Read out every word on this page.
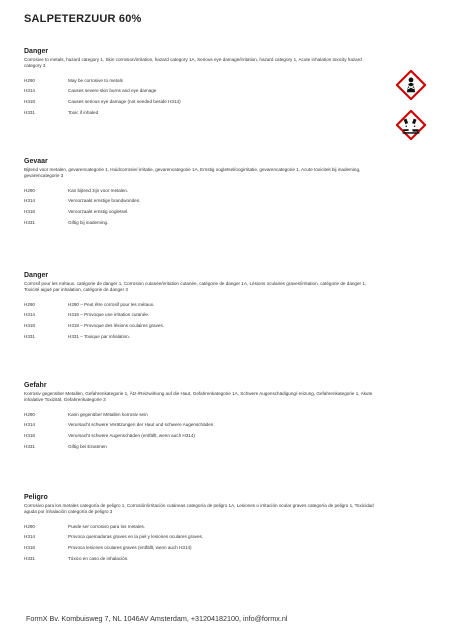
SALPETERZUUR 60%
Danger
Corrosive to metals, hazard category 1, Skin corrosion/irritation, hazard category 1A, Serious eye damage/irritation, hazard category 1, Acute inhalation toxicity hazard category 3
H290	May be corrosive to metals
H314	Causes severe skin burns and eye damage
H318	Causes serious eye damage (not needed beside H314)
H331	Toxic if inhaled
Gevaar
Bijtend voor metalen, gevarencategorie 1, Huidcorrosie/-irritatie, gevarencategorie 1A, Ernstig oogletsel/oogirritatie, gevarencategorie 1, Acute toxiciteit bij inademing, gevarencategorie 3
H290	Kan bijtend zijn voor metalen.
H314	Veroorzaakt ernstige brandwonden.
H318	Veroorzaakt ernstig oogletsel.
H331	Giftig bij inademing.
Danger
Corrosif pour les métaux, catégorie de danger 1, Corrosion cutanée/irritation cutanée, catégorie de danger 1A, Lésions oculaires graves/irritation, catégorie de danger 1, Toxicité aiguë par inhalation, catégorie de danger 3
H290	H290 – Peut être corrosif pour les métaux.
H314	H315 – Provoque une irritation cutanée.
H318	H318 – Provoque des lésions oculaires graves.
H331	H331 – Toxique par inhalation.
Gefahr
Korrosiv gegenüber Metallen, Gefahrenkategorie 1, Ätz-/Reizwirkung auf die Haut, Gefahrenkategorie 1A, Schwere Augenschädigung/-reizung, Gefahrenkategorie 1, Akute inhalative Toxizität, Gefahrenkategorie 3
H290	Kann gegenüber Metallen korrosiv sein
H314	Verursacht schwere Verätzungen der Haut und schwere Augenschäden
H318	Verursacht schwere Augenschäden (entfällt, wenn auch H314)
H331	Giftig bei Einatmen
Peligro
Corrosivo para los metales categoría de peligro 1, Corrosión/irritación cutáneas categoría de peligro 1A, Lesiones o irritación ocular graves categoría de peligro 1, Toxicidad aguda por inhalación categoría de peligro 3
H290	Puede ser corrosivo para los metales.
H314	Provoca quemaduras graves en la piel y lesiones oculares graves.
H318	Provoca lesiones oculares graves (entfällt, wenn auch H314)
H331	Tóxico en caso de inhalación.
FormX Bv. Kombuisweg 7, NL 1046AV Amsterdam, +31204182100, info@formx.nl
